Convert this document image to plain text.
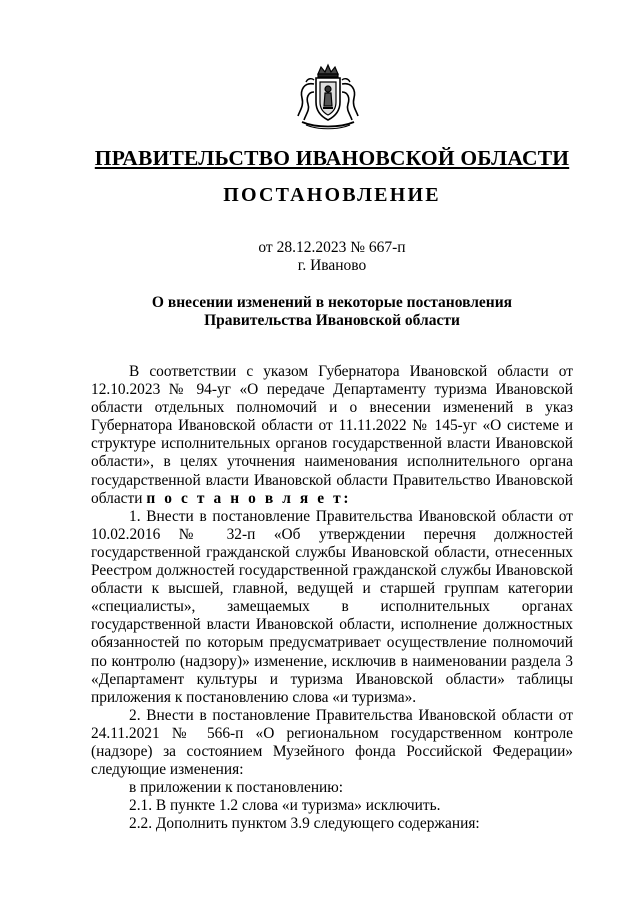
ПРАВИТЕЛЬСТВО ИВАНОВСКОЙ ОБЛАСТИ
ПОСТАНОВЛЕНИЕ
от 28.12.2023 № 667-п
г. Иваново
О внесении изменений в некоторые постановления
Правительства Ивановской области

В соответствии с указом Губернатора Ивановской области от 12.10.2023 № 94-уг «О передаче Департаменту туризма Ивановской области отдельных полномочий и о внесении изменений в указ Губернатора Ивановской области от 11.11.2022 № 145-уг «О системе и структуре исполнительных органов государственной власти Ивановской области», в целях уточнения наименования исполнительного органа государственной власти Ивановской области Правительство Ивановской области п о с т а н о в л я е т:

1. Внести в постановление Правительства Ивановской области от 10.02.2016 № 32-п «Об утверждении перечня должностей государственной гражданской службы Ивановской области, отнесенных Реестром должностей государственной гражданской службы Ивановской области к высшей, главной, ведущей и старшей группам категории «специалисты», замещаемых в исполнительных органах государственной власти Ивановской области, исполнение должностных обязанностей по которым предусматривает осуществление полномочий по контролю (надзору)» изменение, исключив в наименовании раздела 3 «Департамент культуры и туризма Ивановской области» таблицы приложения к постановлению слова «и туризма».

2. Внести в постановление Правительства Ивановской области от 24.11.2021 № 566-п «О региональном государственном контроле (надзоре) за состоянием Музейного фонда Российской Федерации» следующие изменения:

в приложении к постановлению:

2.1. В пункте 1.2 слова «и туризма» исключить.

2.2. Дополнить пунктом 3.9 следующего содержания:
